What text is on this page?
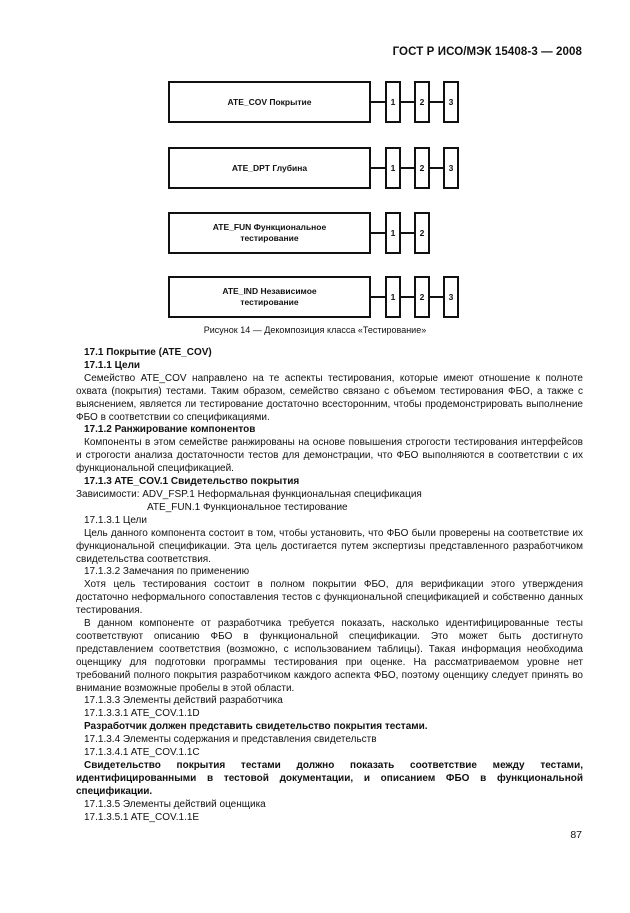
ГОСТ Р ИСО/МЭК 15408-3 — 2008
ATE_COV Покрытие	1	2	3
ATE_DPT Глубина	1	2	3
ATE_FUN Функциональное
тестирование	1	2
ATE_IND Независимое
тестирование	1	2	3
Рисунок 14 — Декомпозиция класса «Тестирование»

17.1 Покрытие (ATE_COV)

17.1.1 Цели

Семейство ATE_COV направлено на те аспекты тестирования, которые имеют отношение к полноте охвата (покрытия) тестами. Таким образом, семейство связано с объемом тестирования ФБО, а также с выяснением, является ли тестирование достаточно всесторонним, чтобы продемонстрировать выполнение ФБО в соответствии со спецификациями.

17.1.2 Ранжирование компонентов

Компоненты в этом семействе ранжированы на основе повышения строгости тестирования интерфейсов и строгости анализа достаточности тестов для демонстрации, что ФБО выполняются в соответствии с их функциональной спецификацией.

17.1.3 ATE_COV.1 Свидетельство покрытия

Зависимости: ADV_FSP.1 Неформальная функциональная спецификация

ATE_FUN.1 Функциональное тестирование

17.1.3.1 Цели

Цель данного компонента состоит в том, чтобы установить, что ФБО были проверены на соответствие их функциональной спецификации. Эта цель достигается путем экспертизы представленного разработчиком свидетельства соответствия.

17.1.3.2 Замечания по применению

Хотя цель тестирования состоит в полном покрытии ФБО, для верификации этого утверждения достаточно неформального сопоставления тестов с функциональной спецификацией и собственно данных тестирования.

В данном компоненте от разработчика требуется показать, насколько идентифицированные тесты соответствуют описанию ФБО в функциональной спецификации. Это может быть достигнуто представлением соответствия (возможно, с использованием таблицы). Такая информация необходима оценщику для подготовки программы тестирования при оценке. На рассматриваемом уровне нет требований полного покрытия разработчиком каждого аспекта ФБО, поэтому оценщику следует принять во внимание возможные пробелы в этой области.

17.1.3.3 Элементы действий разработчика

17.1.3.3.1 ATE_COV.1.1D

Разработчик должен представить свидетельство покрытия тестами.

17.1.3.4 Элементы содержания и представления свидетельств

17.1.3.4.1 ATE_COV.1.1C

Свидетельство покрытия тестами должно показать соответствие между тестами, идентифицированными в тестовой документации, и описанием ФБО в функциональной спецификации.

17.1.3.5 Элементы действий оценщика

17.1.3.5.1 ATE_COV.1.1E

87
